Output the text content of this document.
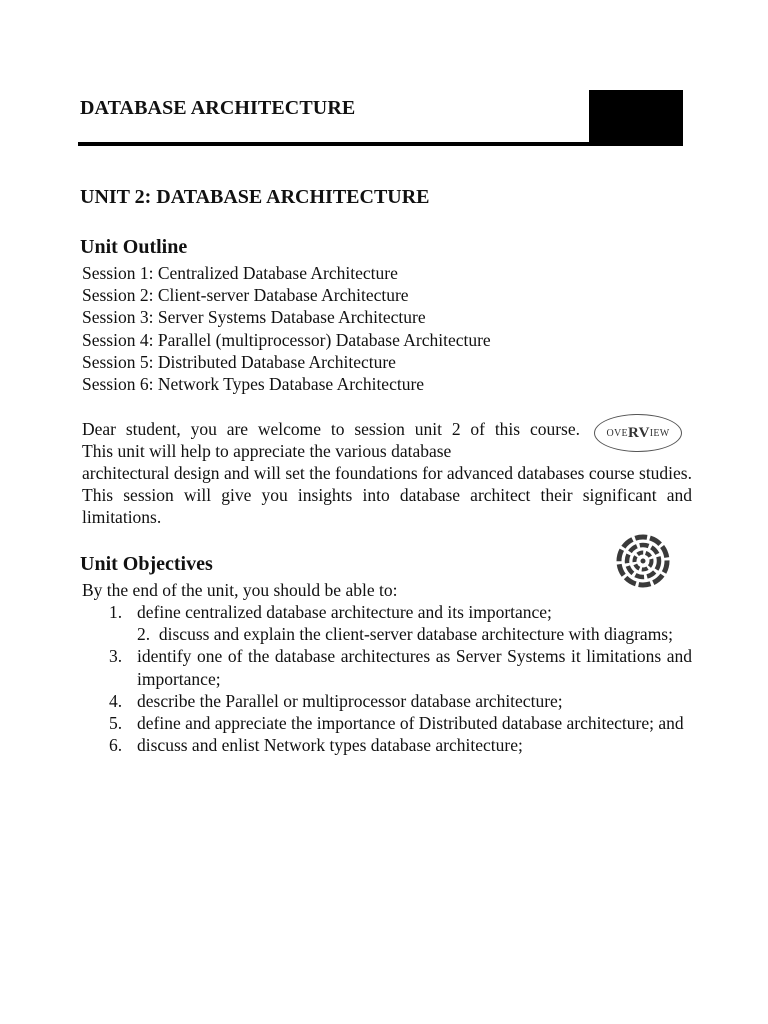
DATABASE ARCHITECTURE
UNIT 2: DATABASE ARCHITECTURE
Unit Outline
Session 1: Centralized Database Architecture
Session 2: Client-server Database Architecture
Session 3: Server Systems Database Architecture
Session 4: Parallel (multiprocessor) Database Architecture
Session 5: Distributed Database Architecture
Session 6: Network Types Database Architecture
Dear student, you are welcome to session unit 2 of this course.
This unit will help to appreciate the various database
architectural design and will set the foundations for advanced databases course studies. This session will give you insights into database architect their significant and limitations.
O VE RV IEW
Unit Objectives
By the end of the unit, you should be able to:
1. define centralized database architecture and its importance;
2. discuss and explain the client-server database architecture with diagrams;
3. identify one of the database architectures as Server Systems it limitations and importance;
4. describe the Parallel or multiprocessor database architecture;
5. define and appreciate the importance of Distributed database architecture; and
6. discuss and enlist Network types database architecture;
